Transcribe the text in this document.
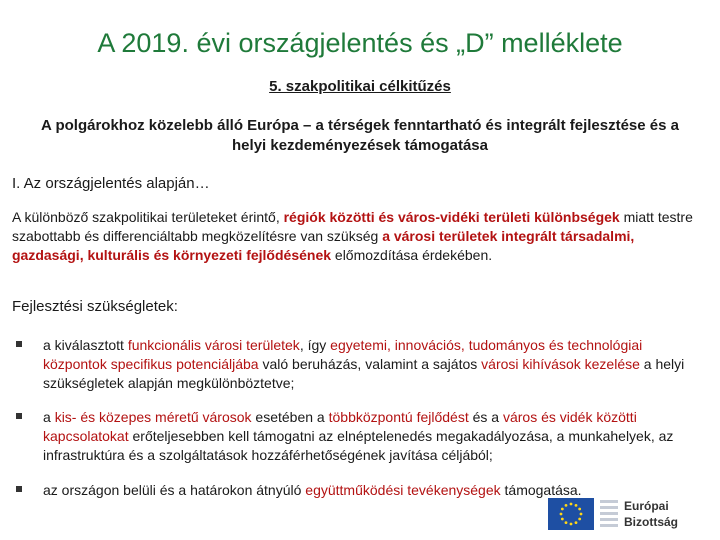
A 2019. évi országjelentés és „D” melléklete
5. szakpolitikai célkitűzés
A polgárokhoz közelebb álló Európa – a térségek fenntartható és integrált fejlesztése és a helyi kezdeményezések támogatása
I. Az országjelentés alapján…
A különböző szakpolitikai területeket érintő, régiók közötti és város-vidéki területi különbségek miatt testre szabottabb és differenciáltabb megközelítésre van szükség a városi területek integrált társadalmi, gazdasági, kulturális és környezeti fejlődésének előmozdítása érdekében.
Fejlesztési szükségletek:
a kiválasztott funkcionális városi területek, így egyetemi, innovációs, tudományos és technológiai központok specifikus potenciáljába való beruházás, valamint a sajátos városi kihívások kezelése a helyi szükségletek alapján megkülönböztetve;
a kis- és közepes méretű városok esetében a többközpontú fejlődést és a város és vidék közötti kapcsolatokat erőteljesebben kell támogatni az elnéptelenedés megakadályozása, a munkahelyek, az infrastruktúra és a szolgáltatások hozzáférhetőségének javítása céljából;
az országon belüli és a határokon átnyúló együttműködési tevékenységek támogatása.
Európai
Bizottság
